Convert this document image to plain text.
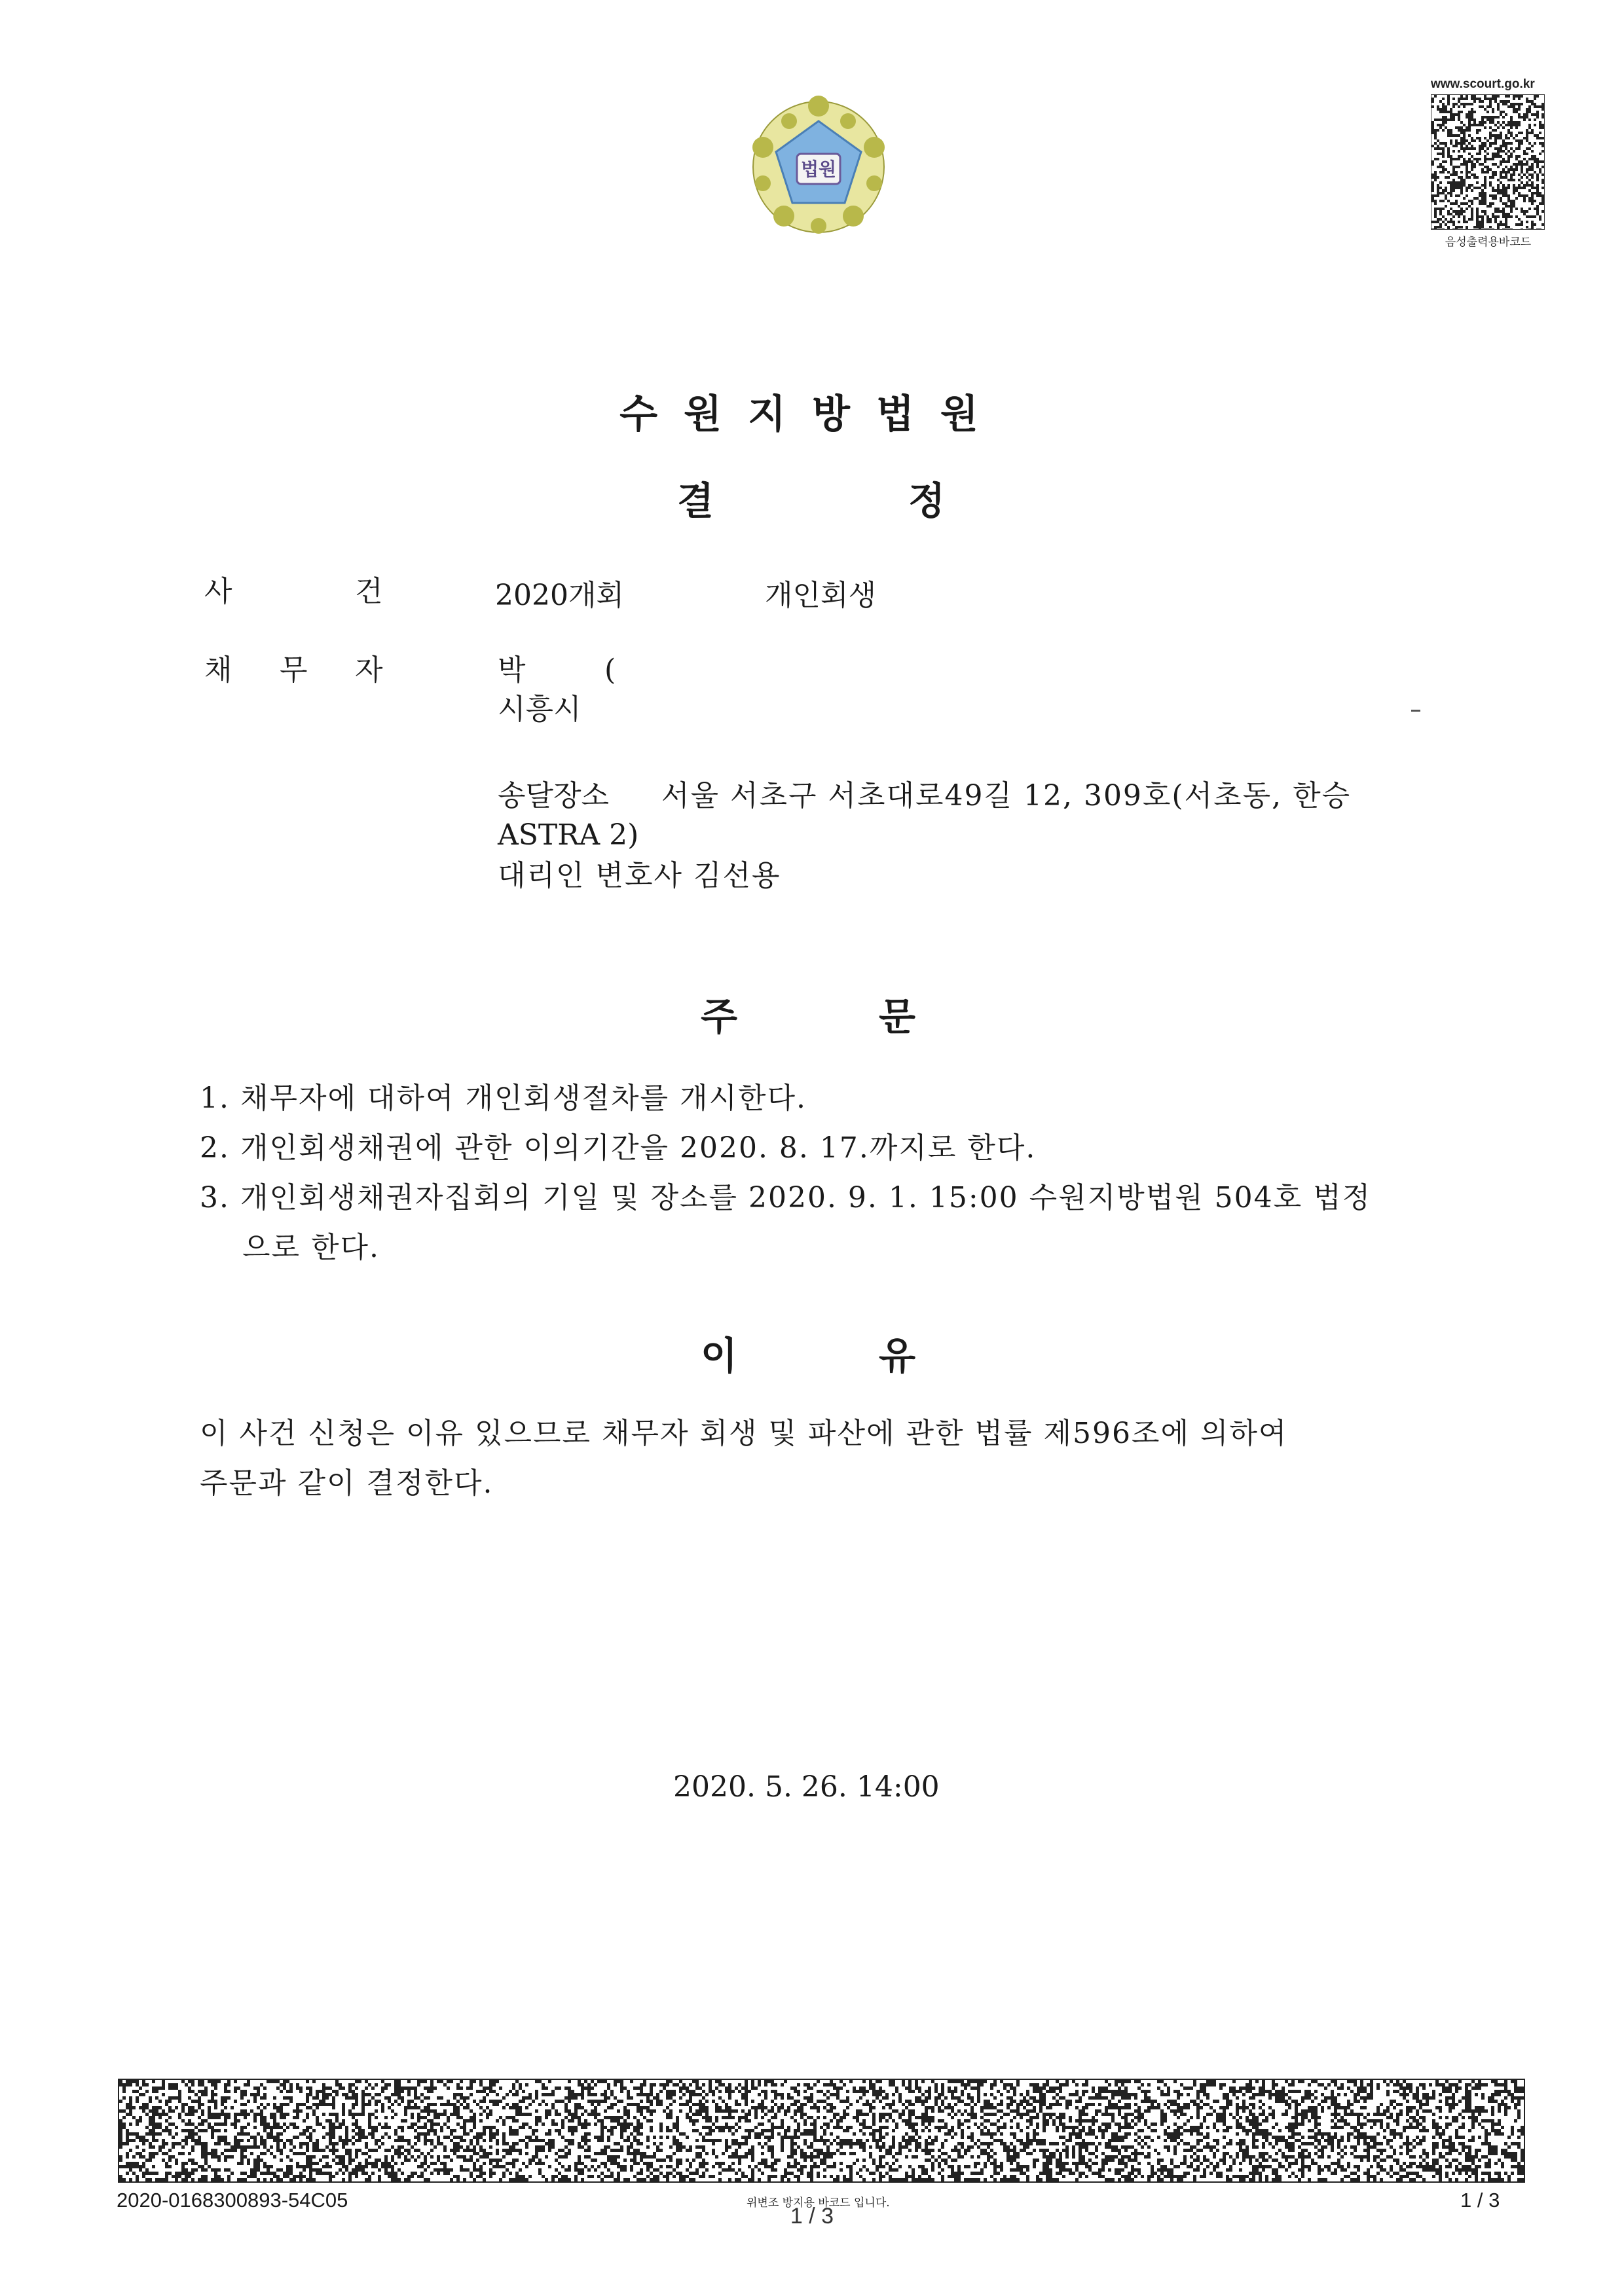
법원
www.scourt.go.kr
음성출력용바코드
수원지방법원
결	정
사	건	2020개회	개인회생
채 무 자	박	(
시흥시
송달장소 서울 서초구 서초대로49길 12, 309호(서초동, 한승
ASTRA 2)
대리인 변호사 김선용
주	문
1. 채무자에 대하여 개인회생절차를 개시한다.
2. 개인회생채권에 관한 이의기간을 2020. 8. 17.까지로 한다.
3. 개인회생채권자집회의 기일 및 장소를 2020. 9. 1. 15:00 수원지방법원 504호 법정
으로 한다.
이	유
이 사건 신청은 이유 있으므로 채무자 회생 및 파산에 관한 법률 제596조에 의하여
주문과 같이 결정한다.
2020. 5. 26. 14:00
2020-0168300893-54C05	위변조 방지용 바코드 입니다.
1 / 3
1 / 3
